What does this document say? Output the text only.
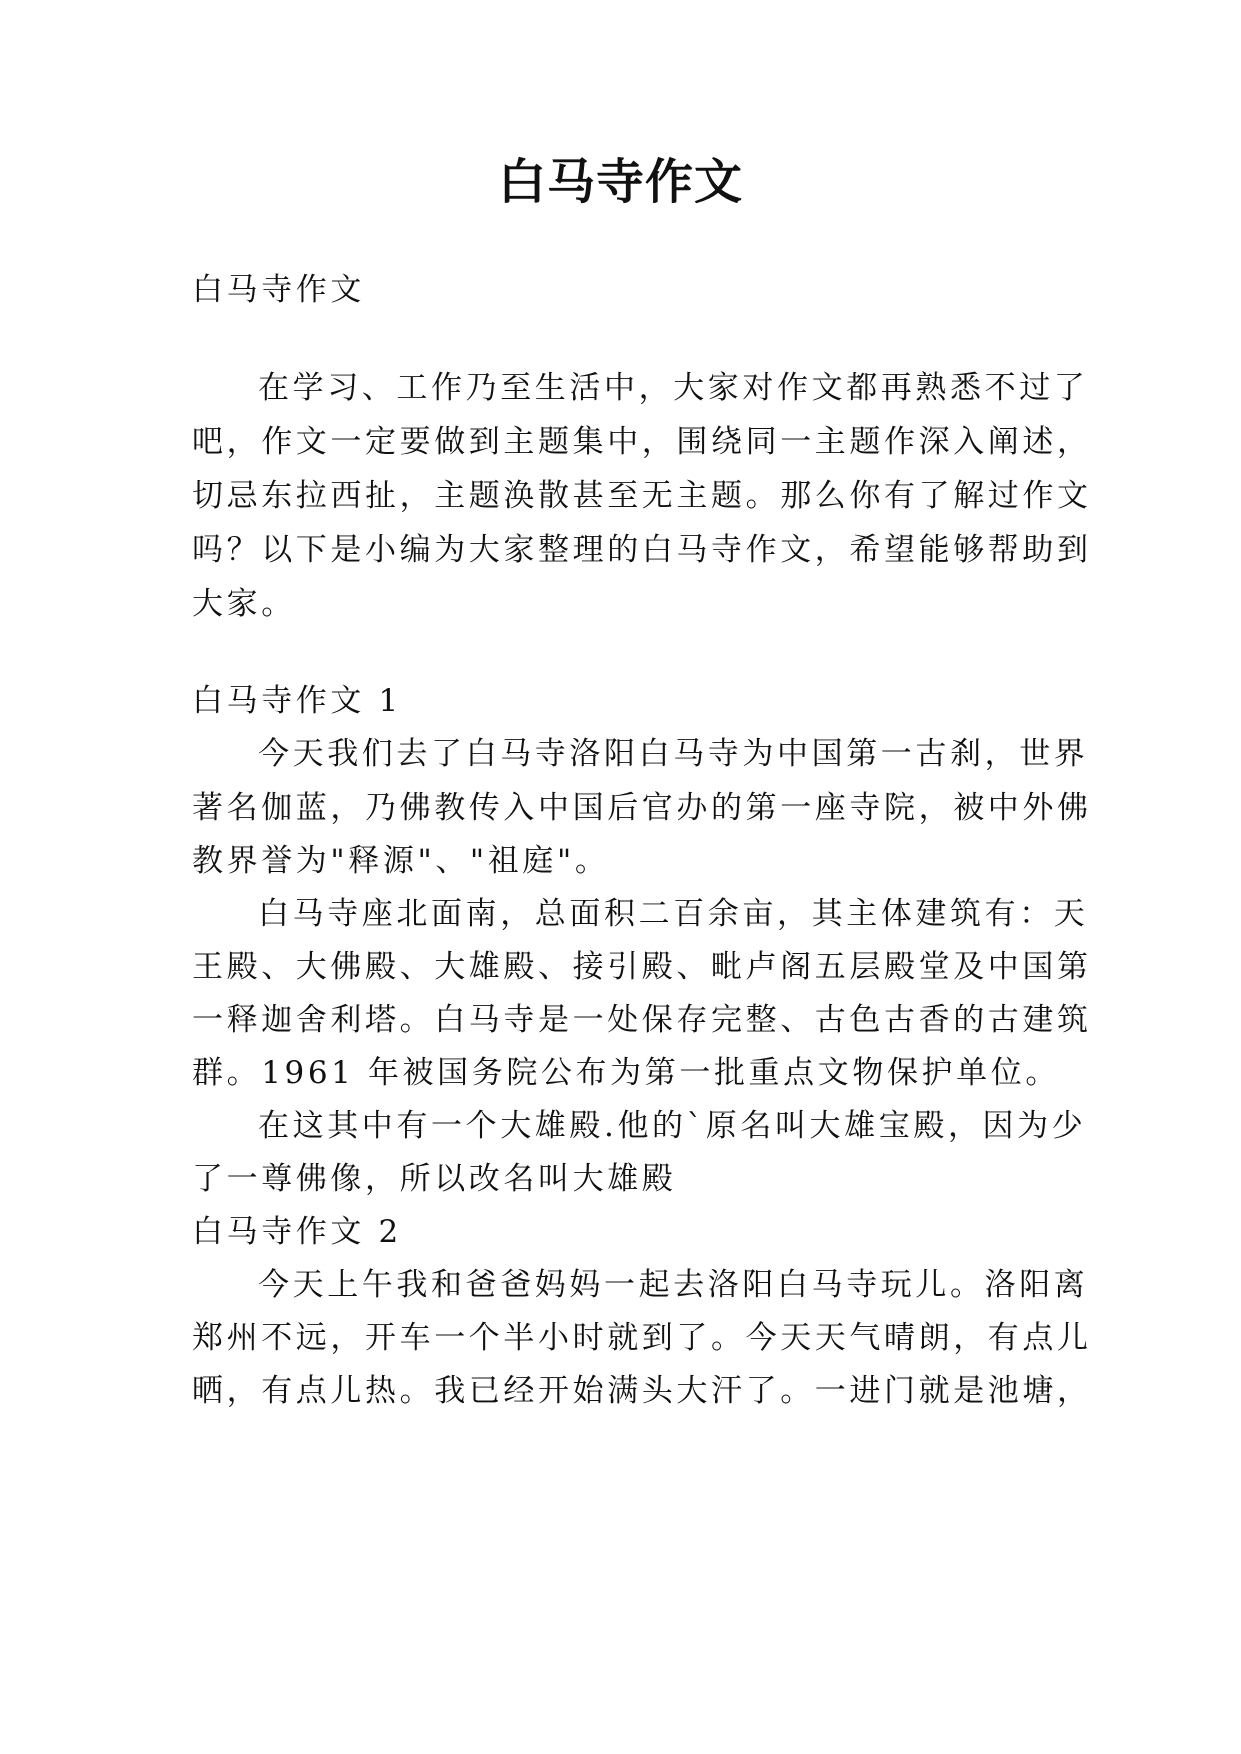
白马寺作文
白马寺作文
在学习、工作乃至生活中，大家对作文都再熟悉不过了
吧，作文一定要做到主题集中，围绕同一主题作深入阐述，
切忌东拉西扯，主题涣散甚至无主题。那么你有了解过作文
吗？以下是小编为大家整理的白马寺作文，希望能够帮助到
大家。
白马寺作文 1
今天我们去了白马寺洛阳白马寺为中国第一古刹，世界
著名伽蓝，乃佛教传入中国后官办的第一座寺院，被中外佛
教界誉为"释源"、"祖庭"。
白马寺座北面南，总面积二百余亩，其主体建筑有：天
王殿、大佛殿、大雄殿、接引殿、毗卢阁五层殿堂及中国第
一释迦舍利塔。白马寺是一处保存完整、古色古香的古建筑
群。1961 年被国务院公布为第一批重点文物保护单位。
在这其中有一个大雄殿.他的`原名叫大雄宝殿，因为少
了一尊佛像，所以改名叫大雄殿
白马寺作文 2
今天上午我和爸爸妈妈一起去洛阳白马寺玩儿。洛阳离
郑州不远，开车一个半小时就到了。今天天气晴朗，有点儿
晒，有点儿热。我已经开始满头大汗了。一进门就是池塘，
